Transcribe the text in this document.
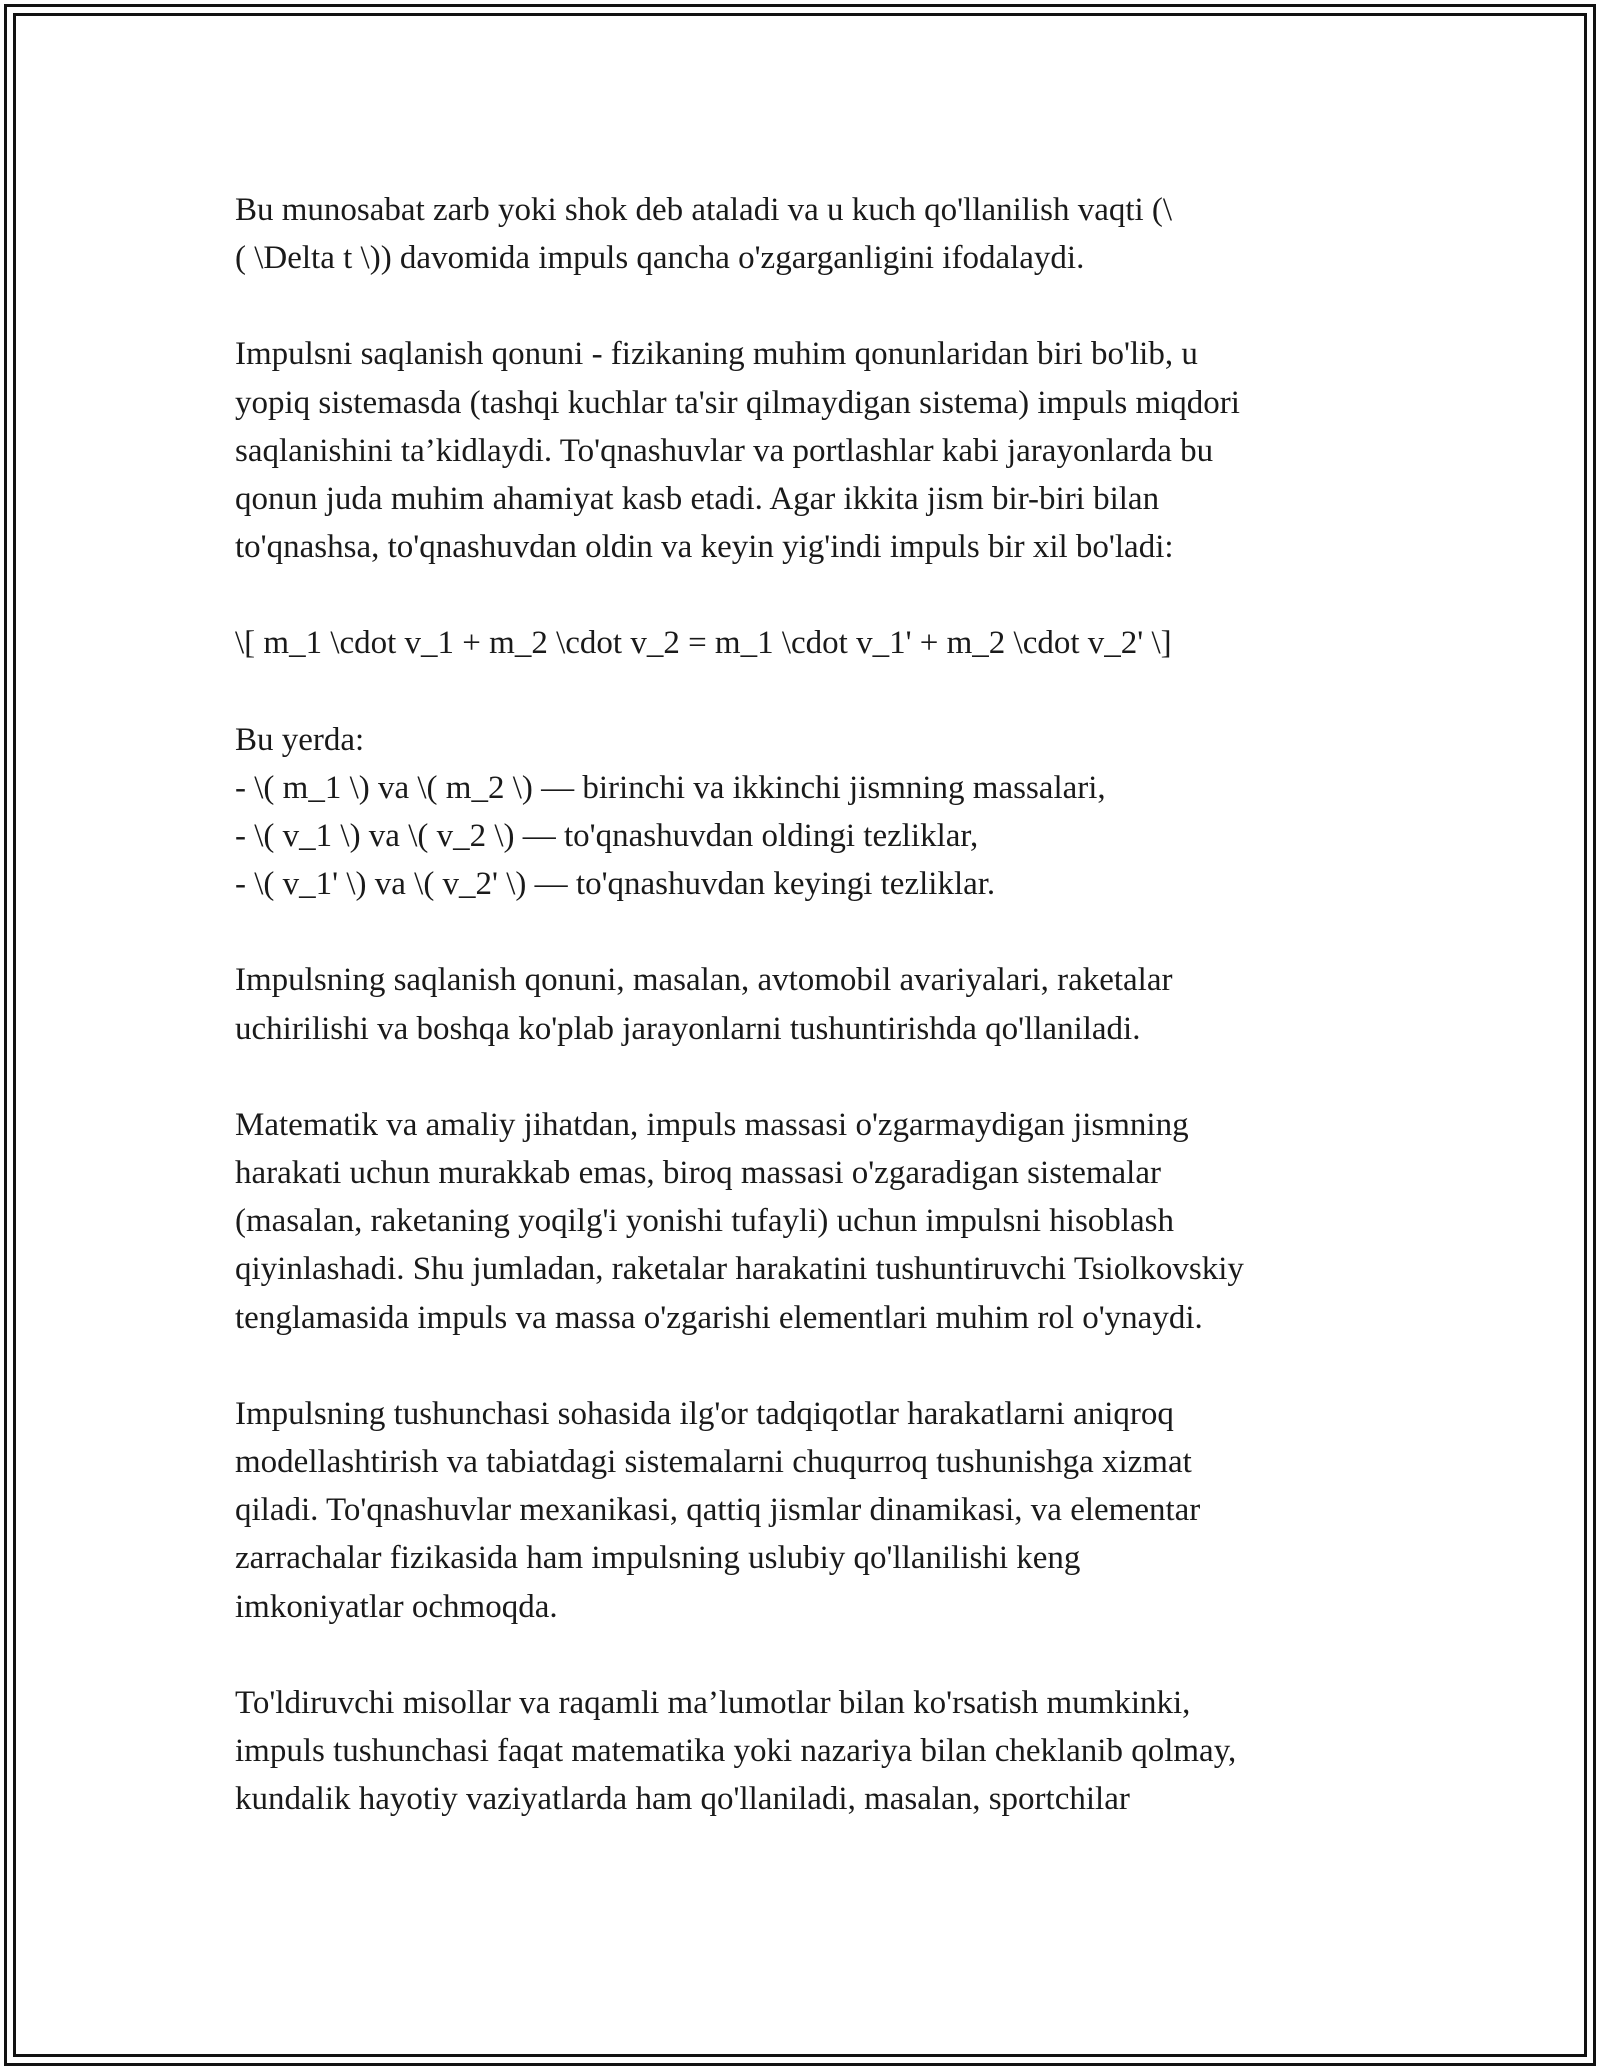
Bu munosabat zarb yoki shok deb ataladi va u kuch qo'llanilish vaqti (\
( \Delta t \)) davomida impuls qancha o'zgarganligini ifodalaydi.

Impulsni saqlanish qonuni - fizikaning muhim qonunlaridan biri bo'lib, u
yopiq sistemasda (tashqi kuchlar ta'sir qilmaydigan sistema) impuls miqdori
saqlanishini ta’kidlaydi. To'qnashuvlar va portlashlar kabi jarayonlarda bu
qonun juda muhim ahamiyat kasb etadi. Agar ikkita jism bir-biri bilan
to'qnashsa, to'qnashuvdan oldin va keyin yig'indi impuls bir xil bo'ladi:

\[ m_1 \cdot v_1 + m_2 \cdot v_2 = m_1 \cdot v_1' + m_2 \cdot v_2' \]

Bu yerda:
- \( m_1 \) va \( m_2 \) — birinchi va ikkinchi jismning massalari,
- \( v_1 \) va \( v_2 \) — to'qnashuvdan oldingi tezliklar,
- \( v_1' \) va \( v_2' \) — to'qnashuvdan keyingi tezliklar.

Impulsning saqlanish qonuni, masalan, avtomobil avariyalari, raketalar
uchirilishi va boshqa ko'plab jarayonlarni tushuntirishda qo'llaniladi.

Matematik va amaliy jihatdan, impuls massasi o'zgarmaydigan jismning
harakati uchun murakkab emas, biroq massasi o'zgaradigan sistemalar
(masalan, raketaning yoqilg'i yonishi tufayli) uchun impulsni hisoblash
qiyinlashadi. Shu jumladan, raketalar harakatini tushuntiruvchi Tsiolkovskiy
tenglamasida impuls va massa o'zgarishi elementlari muhim rol o'ynaydi.

Impulsning tushunchasi sohasida ilg'or tadqiqotlar harakatlarni aniqroq
modellashtirish va tabiatdagi sistemalarni chuqurroq tushunishga xizmat
qiladi. To'qnashuvlar mexanikasi, qattiq jismlar dinamikasi, va elementar
zarrachalar fizikasida ham impulsning uslubiy qo'llanilishi keng
imkoniyatlar ochmoqda.

To'ldiruvchi misollar va raqamli ma’lumotlar bilan ko'rsatish mumkinki,
impuls tushunchasi faqat matematika yoki nazariya bilan cheklanib qolmay,
kundalik hayotiy vaziyatlarda ham qo'llaniladi, masalan, sportchilar
